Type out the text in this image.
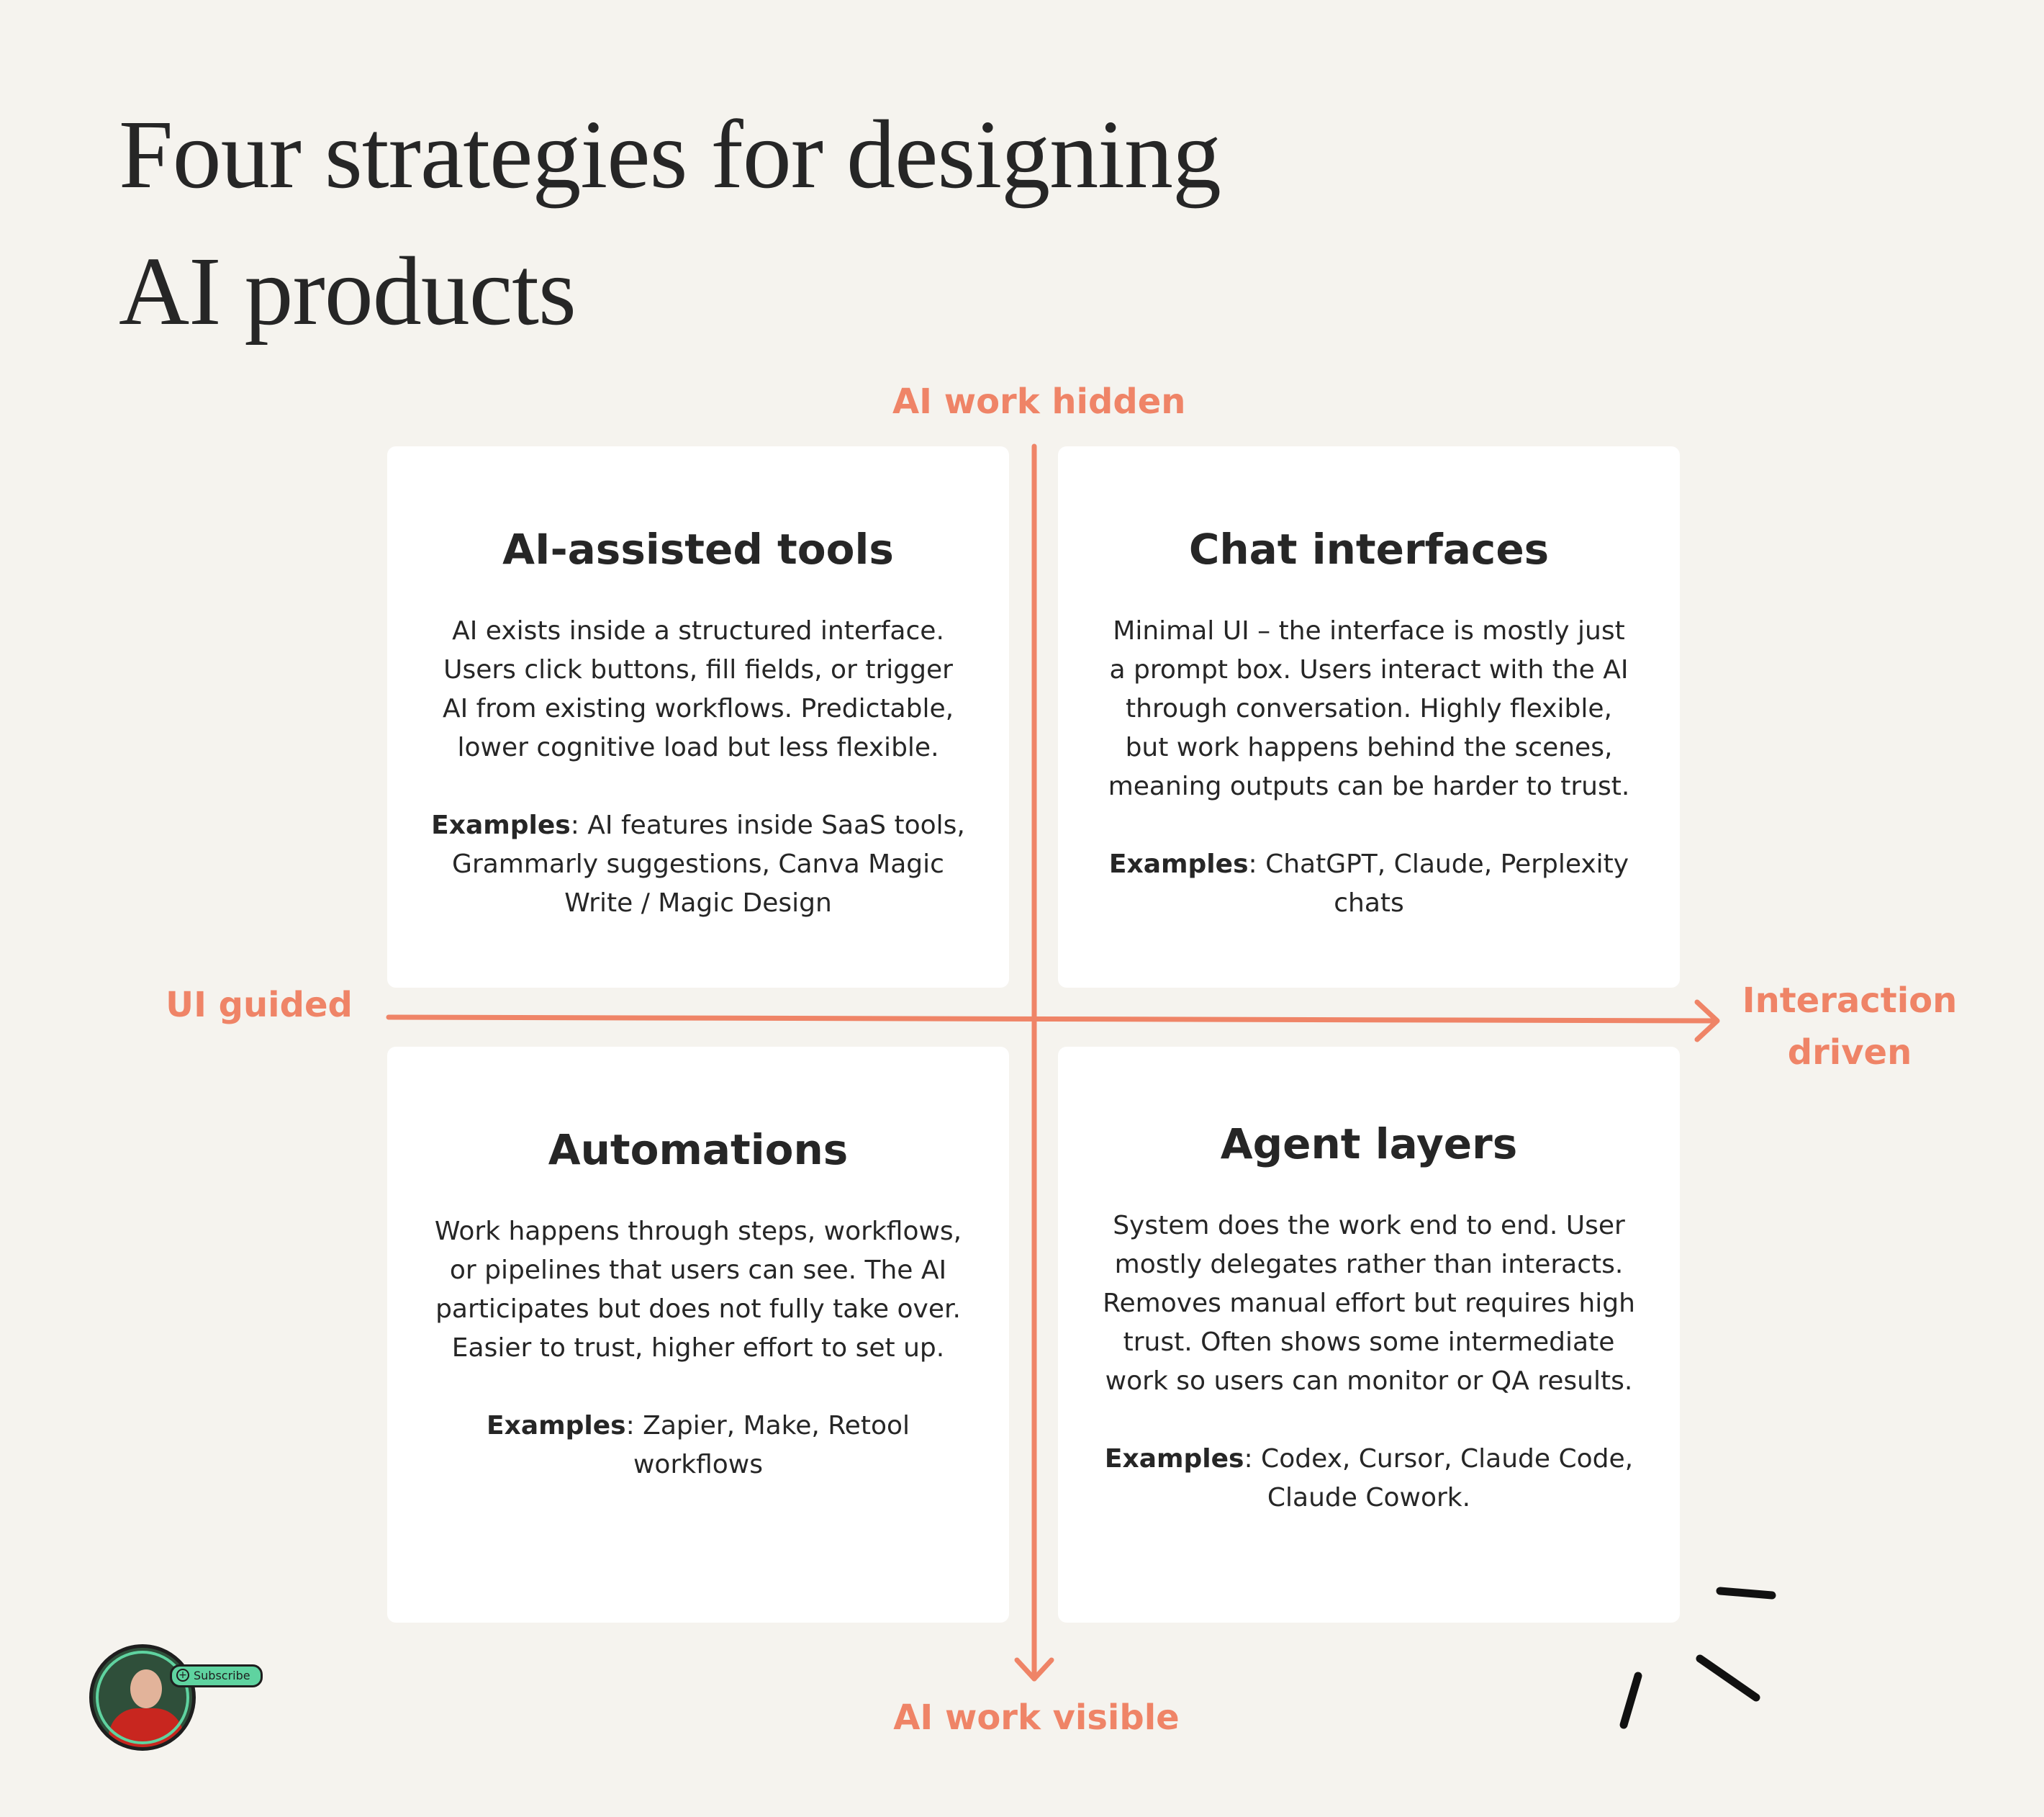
Four strategies for designing
AI products
AI work hidden
AI work visible
UI guided	Interaction
driven
AI-assisted tools

AI exists inside a structured interface. Users click buttons, fill fields, or trigger AI from existing workflows. Predictable, lower cognitive load but less flexible.

Examples: AI features inside SaaS tools, Grammarly suggestions, Canva Magic Write / Magic Design

Chat interfaces

Minimal UI – the interface is mostly just a prompt box. Users interact with the AI through conversation. Highly flexible, but work happens behind the scenes, meaning outputs can be harder to trust.

Examples: ChatGPT, Claude, Perplexity chats

Automations

Work happens through steps, workflows, or pipelines that users can see. The AI participates but does not fully take over. Easier to trust, higher effort to set up.

Examples: Zapier, Make, Retool workflows

Agent layers

System does the work end to end. User mostly delegates rather than interacts. Removes manual effort but requires high trust. Often shows some intermediate work so users can monitor or QA results.

Examples: Codex, Cursor, Claude Code, Claude Cowork.

+ Subscribe
